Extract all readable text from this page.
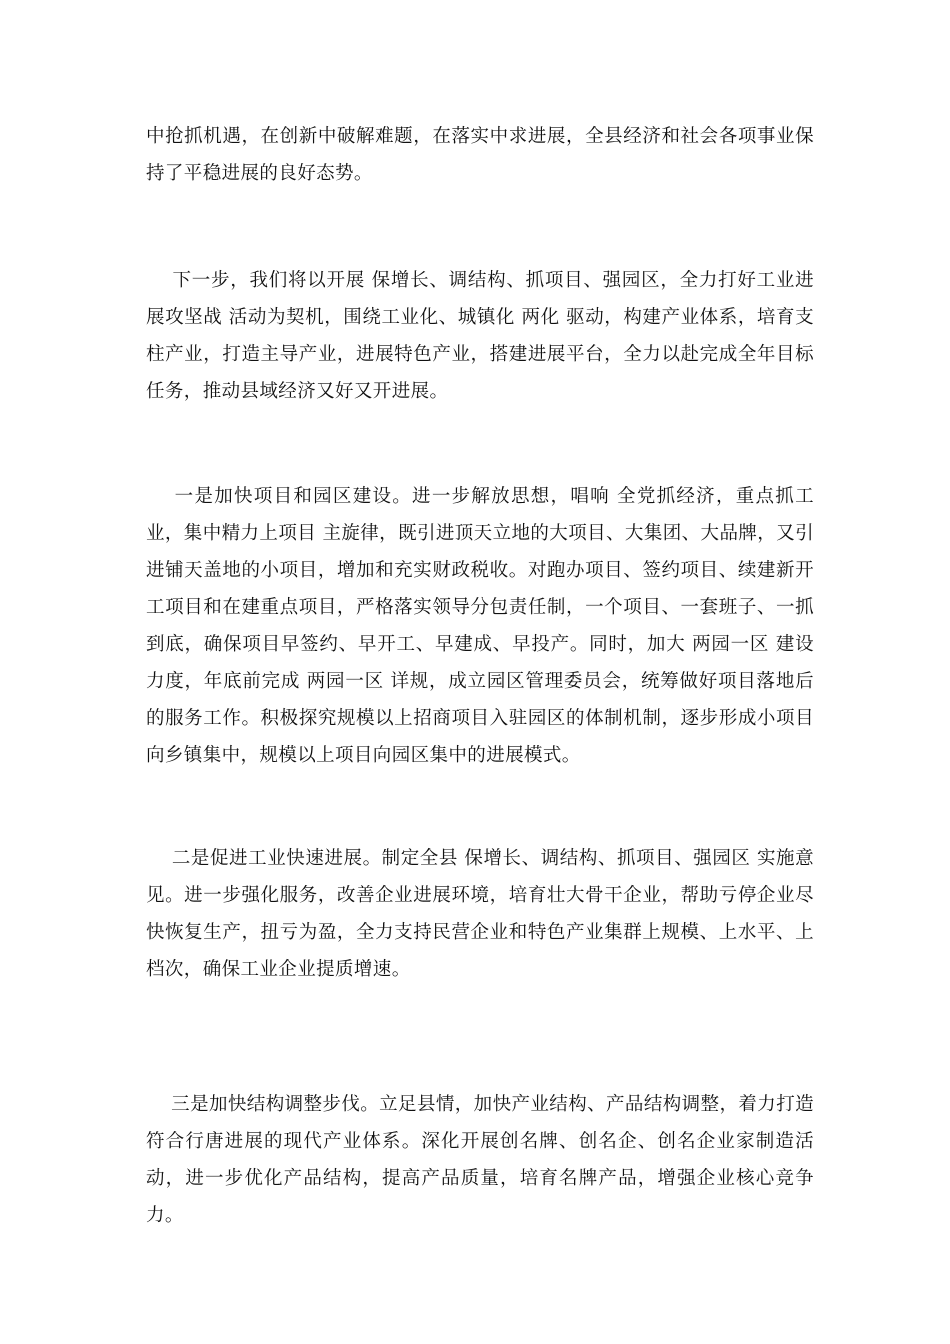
中抢抓机遇，在创新中破解难题，在落实中求进展，全县经济和社会各项事业保持了平稳进展的良好态势。

下一步，我们将以开展 保增长、调结构、抓项目、强园区，全力打好工业进展攻坚战 活动为契机，围绕工业化、城镇化 两化 驱动，构建产业体系，培育支柱产业，打造主导产业，进展特色产业，搭建进展平台，全力以赴完成全年目标任务，推动县域经济又好又开进展。

一是加快项目和园区建设。进一步解放思想，唱响 全党抓经济，重点抓工业，集中精力上项目 主旋律，既引进顶天立地的大项目、大集团、大品牌，又引进铺天盖地的小项目，增加和充实财政税收。对跑办项目、签约项目、续建新开工项目和在建重点项目，严格落实领导分包责任制，一个项目、一套班子、一抓到底，确保项目早签约、早开工、早建成、早投产。同时，加大 两园一区 建设力度，年底前完成 两园一区 详规，成立园区管理委员会，统筹做好项目落地后的服务工作。积极探究规模以上招商项目入驻园区的体制机制，逐步形成小项目向乡镇集中，规模以上项目向园区集中的进展模式。

二是促进工业快速进展。制定全县 保增长、调结构、抓项目、强园区 实施意见。进一步强化服务，改善企业进展环境，培育壮大骨干企业，帮助亏停企业尽快恢复生产，扭亏为盈，全力支持民营企业和特色产业集群上规模、上水平、上档次，确保工业企业提质增速。

三是加快结构调整步伐。立足县情，加快产业结构、产品结构调整，着力打造符合行唐进展的现代产业体系。深化开展创名牌、创名企、创名企业家制造活动，进一步优化产品结构，提高产品质量，培育名牌产品，增强企业核心竞争力。
